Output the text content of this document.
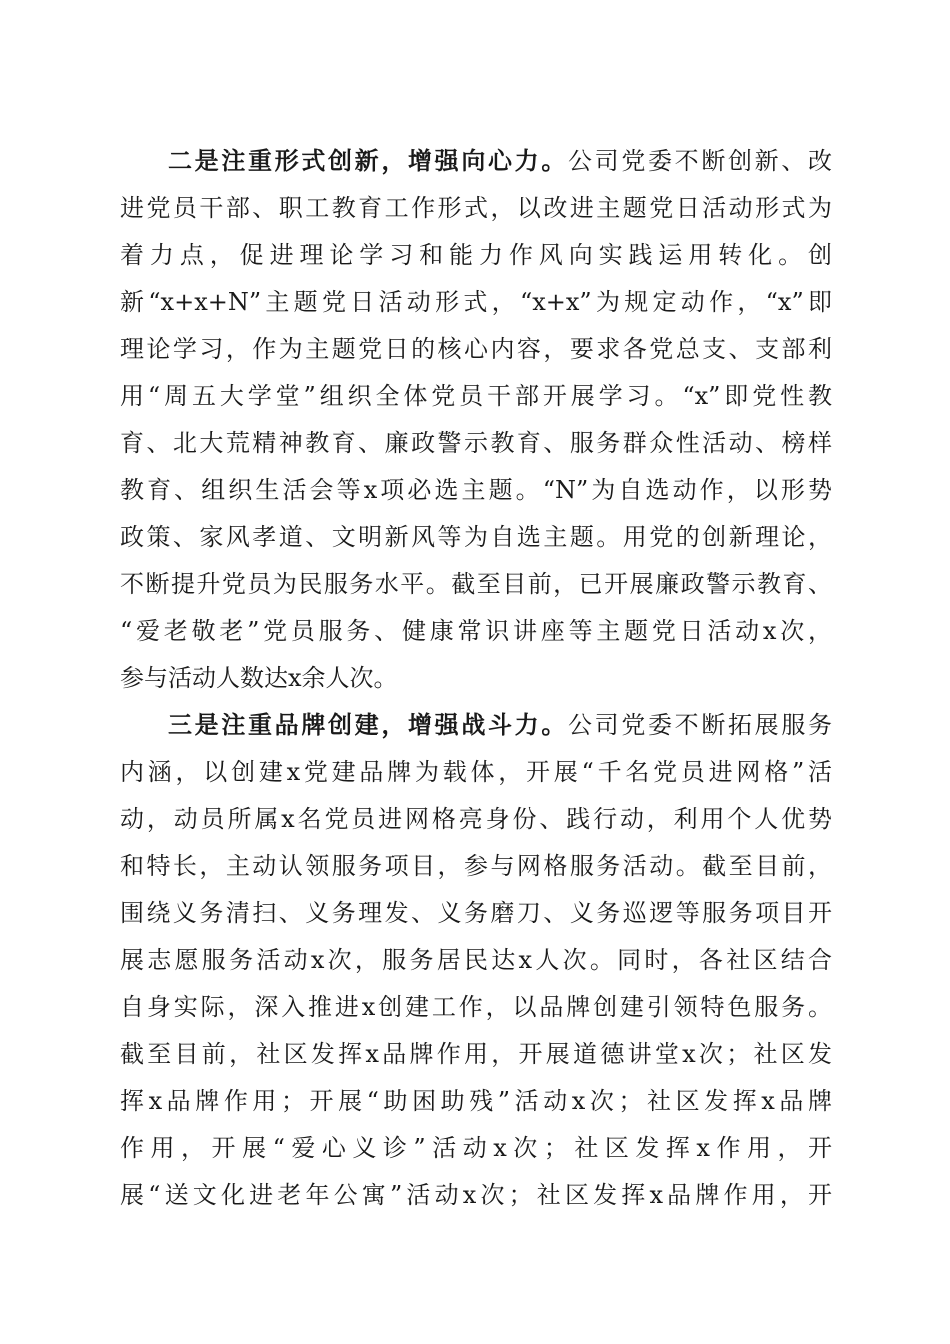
二是注重形式创新，增强向心力。公司党委不断创新、改
进党员干部、职工教育工作形式，以改进主题党日活动形式为
着力点，促进理论学习和能力作风向实践运用转化。创
新“x+x+N”主题党日活动形式，“x+x”为规定动作，“x”即
理论学习，作为主题党日的核心内容，要求各党总支、支部利
用“周五大学堂”组织全体党员干部开展学习。“x”即党性教
育、北大荒精神教育、廉政警示教育、服务群众性活动、榜样
教育、组织生活会等x项必选主题。“N”为自选动作，以形势
政策、家风孝道、文明新风等为自选主题。用党的创新理论，
不断提升党员为民服务水平。截至目前，已开展廉政警示教育、
“爱老敬老”党员服务、健康常识讲座等主题党日活动x次，
参与活动人数达x余人次。
三是注重品牌创建，增强战斗力。公司党委不断拓展服务
内涵，以创建x党建品牌为载体，开展“千名党员进网格”活
动，动员所属x名党员进网格亮身份、践行动，利用个人优势
和特长，主动认领服务项目，参与网格服务活动。截至目前，
围绕义务清扫、义务理发、义务磨刀、义务巡逻等服务项目开
展志愿服务活动x次，服务居民达x人次。同时，各社区结合
自身实际，深入推进x创建工作，以品牌创建引领特色服务。
截至目前，社区发挥x品牌作用，开展道德讲堂x次；社区发
挥x品牌作用；开展“助困助残”活动x次；社区发挥x品牌
作用，开展“爱心义诊”活动x次；社区发挥x作用，开
展“送文化进老年公寓”活动x次；社区发挥x品牌作用，开
